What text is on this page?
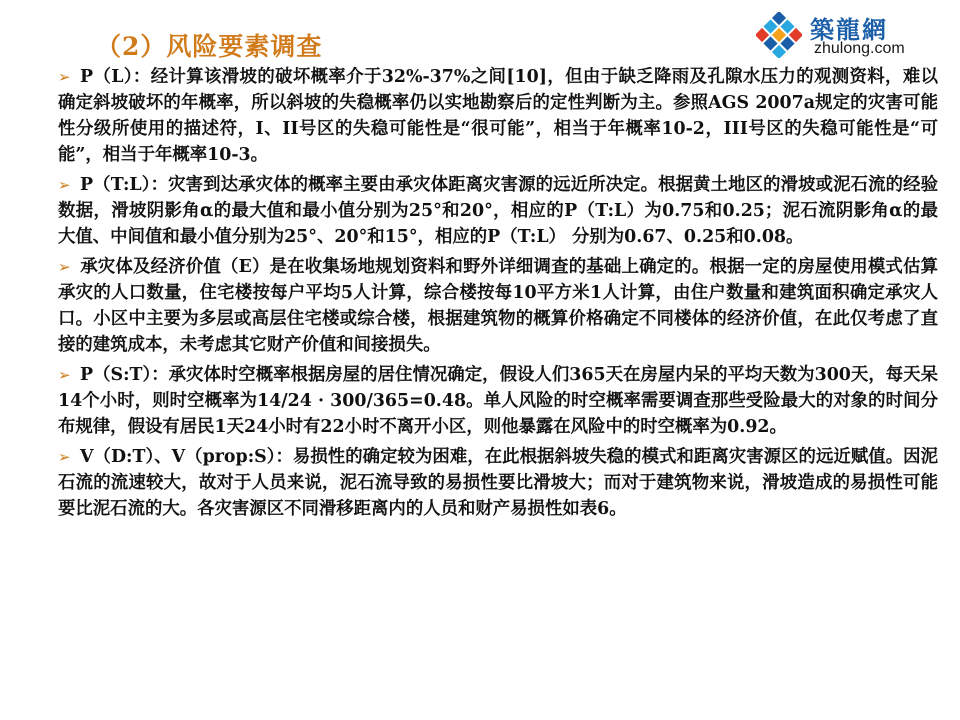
（2）风险要素调查
築龍網
zhulong.com
➢ P（L）：经计算该滑坡的破坏概率介于32%-37%之间[10]，但由于缺乏降雨及孔隙水压力的观测资料，难以确定斜坡破坏的年概率，所以斜坡的失稳概率仍以实地勘察后的定性判断为主。参照AGS 2007a规定的灾害可能性分级所使用的描述符，I、II号区的失稳可能性是“很可能”，相当于年概率10-2，III号区的失稳可能性是“可能”，相当于年概率10-3。
➢ P（T:L）：灾害到达承灾体的概率主要由承灾体距离灾害源的远近所决定。根据黄土地区的滑坡或泥石流的经验数据，滑坡阴影角α的最大值和最小值分别为25°和20°，相应的P（T:L）为0.75和0.25；泥石流阴影角α的最大值、中间值和最小值分别为25°、20°和15°，相应的P（T:L） 分别为0.67、0.25和0.08。
➢ 承灾体及经济价值（E）是在收集场地规划资料和野外详细调查的基础上确定的。根据一定的房屋使用模式估算承灾的人口数量，住宅楼按每户平均5人计算，综合楼按每10平方米1人计算，由住户数量和建筑面积确定承灾人口。小区中主要为多层或高层住宅楼或综合楼，根据建筑物的概算价格确定不同楼体的经济价值，在此仅考虑了直接的建筑成本，未考虑其它财产价值和间接损失。
➢ P（S:T）：承灾体时空概率根据房屋的居住情况确定，假设人们365天在房屋内呆的平均天数为300天，每天呆14个小时，则时空概率为14/24 · 300/365=0.48。单人风险的时空概率需要调查那些受险最大的对象的时间分布规律，假设有居民1天24小时有22小时不离开小区，则他暴露在风险中的时空概率为0.92。
➢ V（D:T）、V（prop:S）：易损性的确定较为困难，在此根据斜坡失稳的模式和距离灾害源区的远近赋值。因泥石流的流速较大，故对于人员来说，泥石流导致的易损性要比滑坡大；而对于建筑物来说，滑坡造成的易损性可能要比泥石流的大。各灾害源区不同滑移距离内的人员和财产易损性如表6。
